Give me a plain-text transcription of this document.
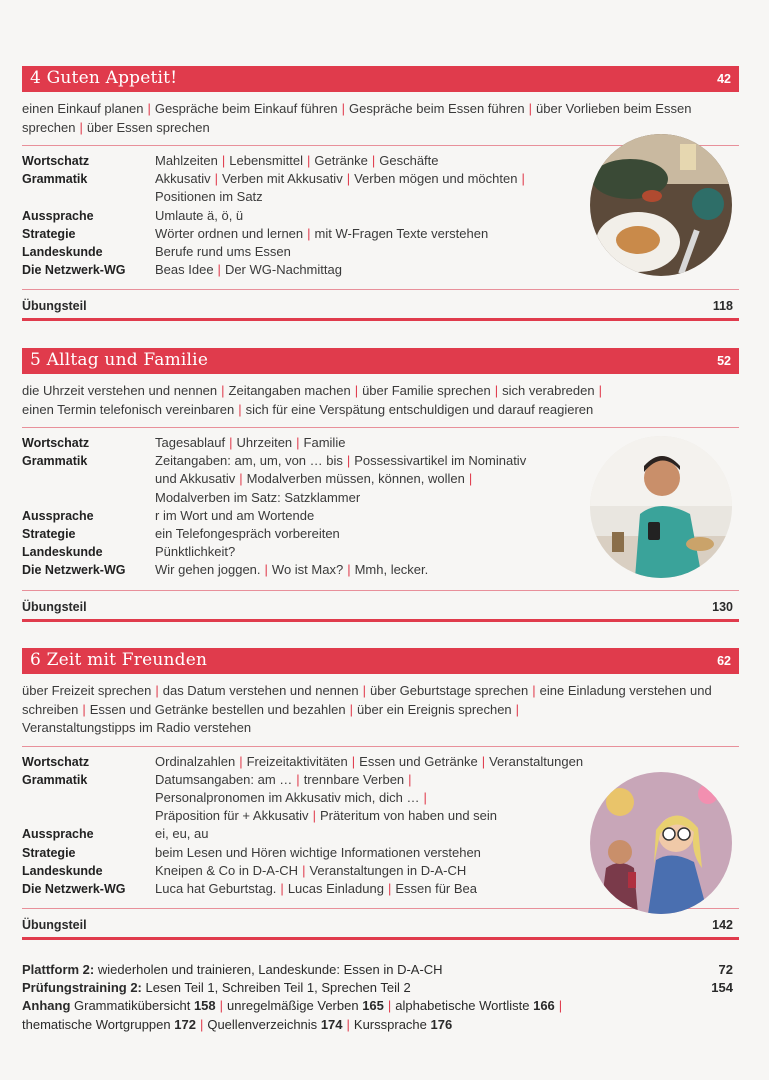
4 Guten Appetit!	42
einen Einkauf planen | Gespräche beim Einkauf führen | Gespräche beim Essen führen | über Vorlieben beim Essen sprechen | über Essen sprechen
Wortschatz	Mahlzeiten | Lebensmittel | Getränke | Geschäfte
Grammatik	Akkusativ | Verben mit Akkusativ | Verben mögen und möchten |
Positionen im Satz
Aussprache	Umlaute ä, ö, ü
Strategie	Wörter ordnen und lernen | mit W-Fragen Texte verstehen
Landeskunde	Berufe rund ums Essen
Die Netzwerk-WG	Beas Idee | Der WG-Nachmittag
Übungsteil	118
5 Alltag und Familie	52
die Uhrzeit verstehen und nennen | Zeitangaben machen | über Familie sprechen | sich verabreden |
einen Termin telefonisch vereinbaren | sich für eine Verspätung entschuldigen und darauf reagieren
Wortschatz	Tagesablauf | Uhrzeiten | Familie
Grammatik	Zeitangaben: am, um, von … bis | Possessivartikel im Nominativ
und Akkusativ | Modalverben müssen, können, wollen |
Modalverben im Satz: Satzklammer
Aussprache	r im Wort und am Wortende
Strategie	ein Telefongespräch vorbereiten
Landeskunde	Pünktlichkeit?
Die Netzwerk-WG	Wir gehen joggen. | Wo ist Max? | Mmh, lecker.
Übungsteil	130
6 Zeit mit Freunden	62
über Freizeit sprechen | das Datum verstehen und nennen | über Geburtstage sprechen | eine Einladung verstehen und schreiben | Essen und Getränke bestellen und bezahlen | über ein Ereignis sprechen |
Veranstaltungstipps im Radio verstehen
Wortschatz	Ordinalzahlen | Freizeitaktivitäten | Essen und Getränke | Veranstaltungen
Grammatik	Datumsangaben: am … | trennbare Verben |
Personalpronomen im Akkusativ mich, dich … |
Präposition für + Akkusativ | Präteritum von haben und sein
Aussprache	ei, eu, au
Strategie	beim Lesen und Hören wichtige Informationen verstehen
Landeskunde	Kneipen & Co in D-A-CH | Veranstaltungen in D-A-CH
Die Netzwerk-WG	Luca hat Geburtstag. | Lucas Einladung | Essen für Bea
Übungsteil	142
Plattform 2: wiederholen und trainieren, Landeskunde: Essen in D-A-CH	72
Prüfungstraining 2: Lesen Teil 1, Schreiben Teil 1, Sprechen Teil 2	154
Anhang Grammatikübersicht 158 | unregelmäßige Verben 165 | alphabetische Wortliste 166 |
thematische Wortgruppen 172 | Quellenverzeichnis 174 | Kurssprache 176
